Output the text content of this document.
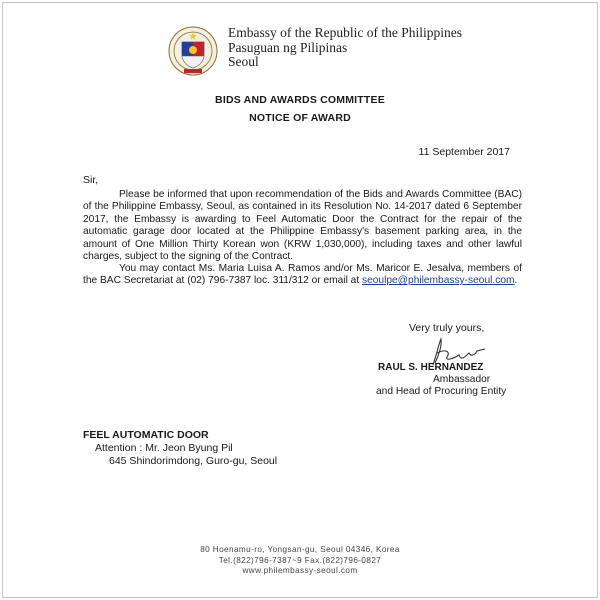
Embassy of the Republic of the Philippines
Pasuguan ng Pilipinas
Seoul
BIDS AND AWARDS COMMITTEE
NOTICE OF AWARD
11 September 2017
Sir,
Please be informed that upon recommendation of the Bids and Awards Committee (BAC) of the Philippine Embassy, Seoul, as contained in its Resolution No. 14-2017 dated 6 September 2017, the Embassy is awarding to Feel Automatic Door the Contract for the repair of the automatic garage door located at the Philippine Embassy's basement parking area, in the amount of One Million Thirty Korean won (KRW 1,030,000), including taxes and other lawful charges, subject to the signing of the Contract.
You may contact Ms. Maria Luisa A. Ramos and/or Ms. Maricor E. Jesalva, members of the BAC Secretariat at (02) 796-7387 loc. 311/312 or email at seoulpe@philembassy-seoul.com.
Very truly yours,
RAUL S. HERNANDEZ
Ambassador
and Head of Procuring Entity
FEEL AUTOMATIC DOOR
Attention : Mr. Jeon Byung Pil
645 Shindorimdong, Guro-gu, Seoul
80 Hoenamu-ro, Yongsan-gu, Seoul 04346, Korea
Tel.(822)796-7387~9 Fax.(822)796-0827
www.philembassy-seoul.com
